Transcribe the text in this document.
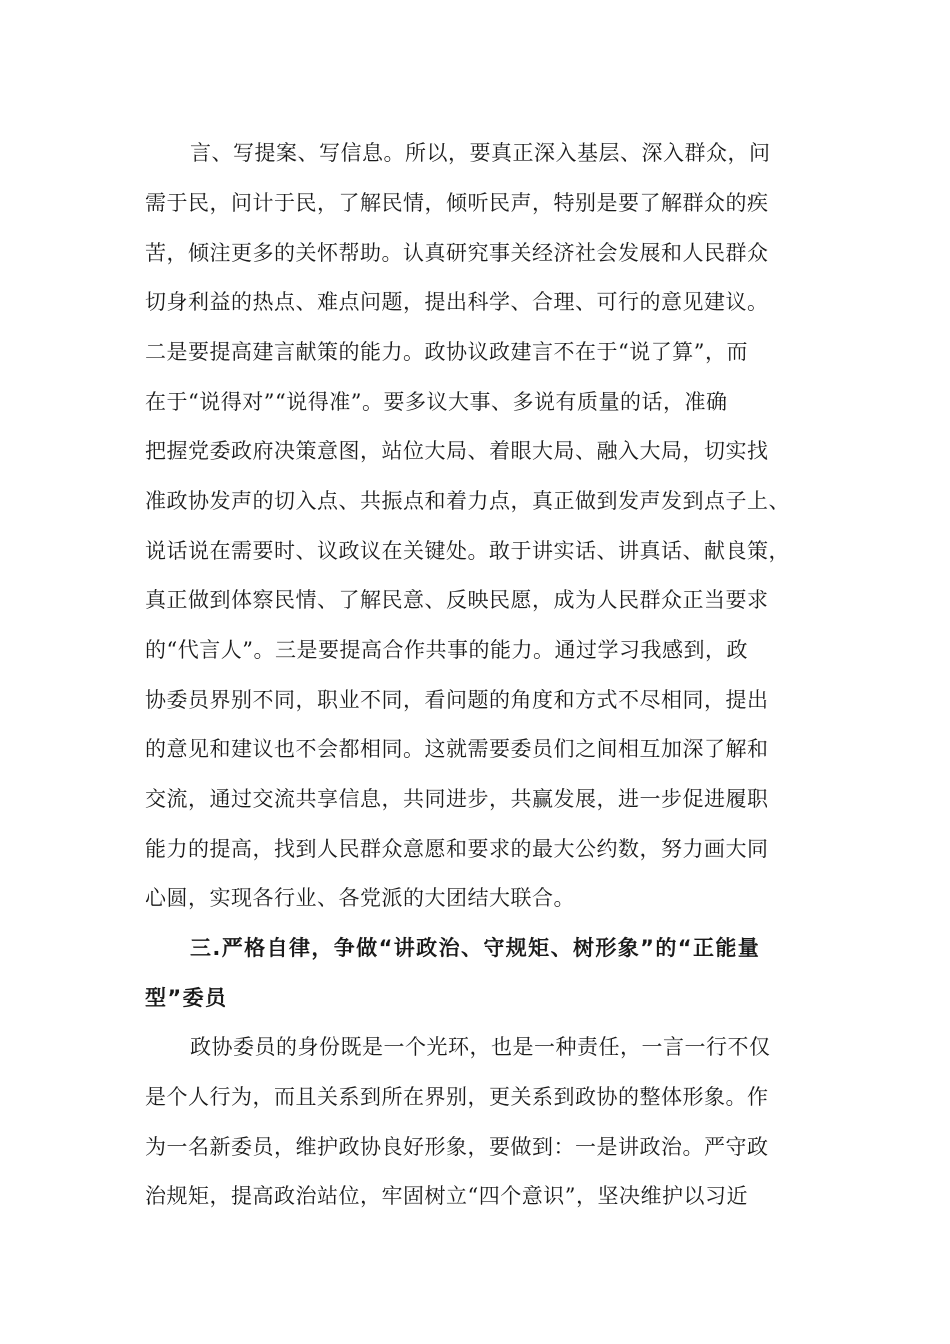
言、写提案、写信息。所以，要真正深入基层、深入群众，问
需于民，问计于民，了解民情，倾听民声，特别是要了解群众的疾
苦，倾注更多的关怀帮助。认真研究事关经济社会发展和人民群众
切身利益的热点、难点问题，提出科学、合理、可行的意见建议。
二是要提高建言献策的能力。政协议政建言不在于“说了算”，而
在于“说得对”“说得准”。要多议大事、多说有质量的话，准确
把握党委政府决策意图，站位大局、着眼大局、融入大局，切实找
准政协发声的切入点、共振点和着力点，真正做到发声发到点子上、
说话说在需要时、议政议在关键处。敢于讲实话、讲真话、献良策，
真正做到体察民情、了解民意、反映民愿，成为人民群众正当要求
的“代言人”。三是要提高合作共事的能力。通过学习我感到，政
协委员界别不同，职业不同，看问题的角度和方式不尽相同，提出
的意见和建议也不会都相同。这就需要委员们之间相互加深了解和
交流，通过交流共享信息，共同进步，共赢发展，进一步促进履职
能力的提高，找到人民群众意愿和要求的最大公约数，努力画大同
心圆，实现各行业、各党派的大团结大联合。
三.严格自律，争做“讲政治、守规矩、树形象”的“正能量
型”委员
政协委员的身份既是一个光环，也是一种责任，一言一行不仅
是个人行为，而且关系到所在界别，更关系到政协的整体形象。作
为一名新委员，维护政协良好形象，要做到：一是讲政治。严守政
治规矩，提高政治站位，牢固树立“四个意识”，坚决维护以习近
